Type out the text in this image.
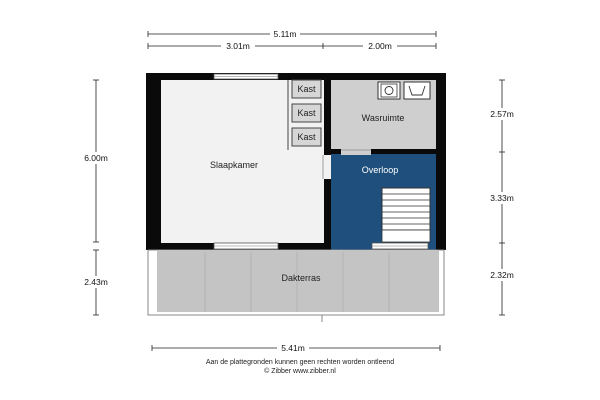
Slaapkamer
Wasruimte
Overloop
Dakterras
Kast
Kast
Kast
5.11m
3.01m	2.00m
6.00m
2.43m
2.57m
3.33m
2.32m
5.41m
Aan de plattegronden kunnen geen rechten worden ontleend
© Zibber www.zibber.nl
